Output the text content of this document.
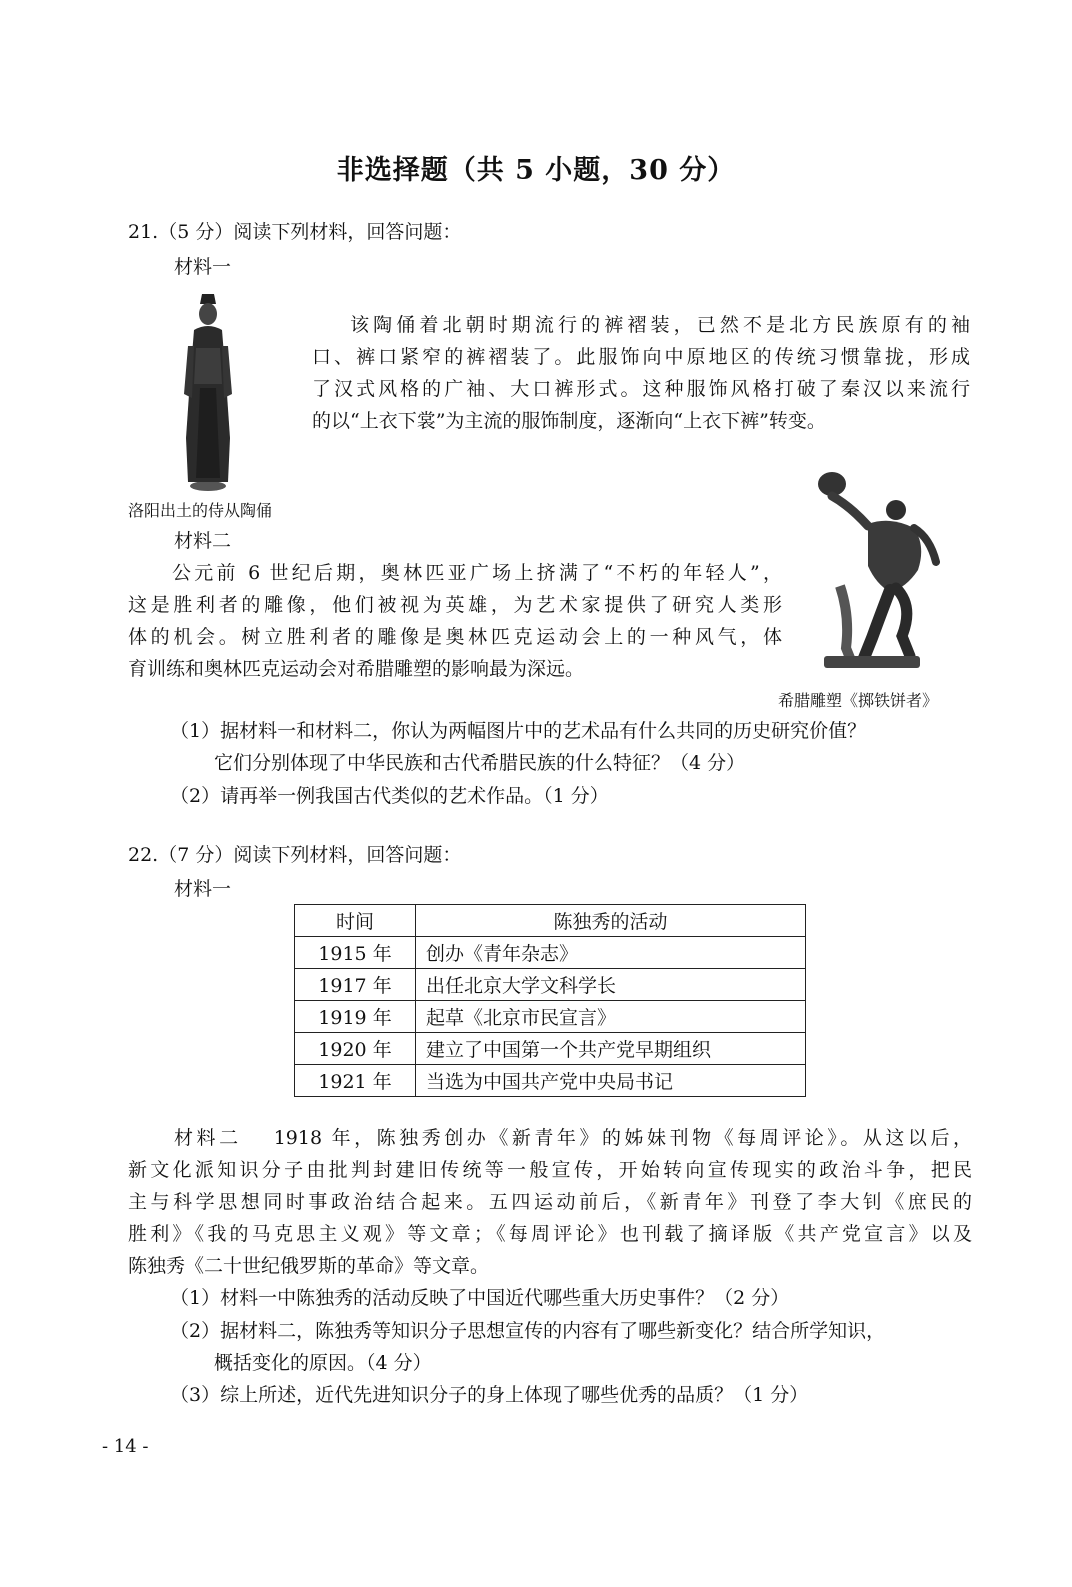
非选择题（共 5 小题，30 分）
21.（5 分）阅读下列材料，回答问题：
材料一
洛阳出土的侍从陶俑
该陶俑着北朝时期流行的裤褶装，已然不是北方民族原有的袖
口、裤口紧窄的裤褶装了。此服饰向中原地区的传统习惯靠拢，形成
了汉式风格的广袖、大口裤形式。这种服饰风格打破了秦汉以来流行
的以“上衣下裳”为主流的服饰制度，逐渐向“上衣下裤”转变。
材料二
公元前 6 世纪后期，奥林匹亚广场上挤满了“不朽的年轻人”，
这是胜利者的雕像，他们被视为英雄，为艺术家提供了研究人类形
体的机会。树立胜利者的雕像是奥林匹克运动会上的一种风气，体
育训练和奥林匹克运动会对希腊雕塑的影响最为深远。
希腊雕塑《掷铁饼者》
（1）据材料一和材料二，你认为两幅图片中的艺术品有什么共同的历史研究价值？
它们分别体现了中华民族和古代希腊民族的什么特征？（4 分）
（2）请再举一例我国古代类似的艺术作品。（1 分）
22.（7 分）阅读下列材料，回答问题：
材料一
时间	陈独秀的活动
1915 年	创办《青年杂志》
1917 年	出任北京大学文科学长
1919 年	起草《北京市民宣言》
1920 年	建立了中国第一个共产党早期组织
1921 年	当选为中国共产党中央局书记
材料二　 1918 年，陈独秀创办《新青年》的姊妹刊物《每周评论》。从这以后，
新文化派知识分子由批判封建旧传统等一般宣传，开始转向宣传现实的政治斗争，把民
主与科学思想同时事政治结合起来。五四运动前后，《新青年》刊登了李大钊《庶民的
胜利》《我的马克思主义观》等文章；《每周评论》也刊载了摘译版《共产党宣言》以及
陈独秀《二十世纪俄罗斯的革命》等文章。
（1）材料一中陈独秀的活动反映了中国近代哪些重大历史事件？（2 分）
（2）据材料二，陈独秀等知识分子思想宣传的内容有了哪些新变化？结合所学知识，
概括变化的原因。（4 分）
（3）综上所述，近代先进知识分子的身上体现了哪些优秀的品质？（1 分）
- 14 -
